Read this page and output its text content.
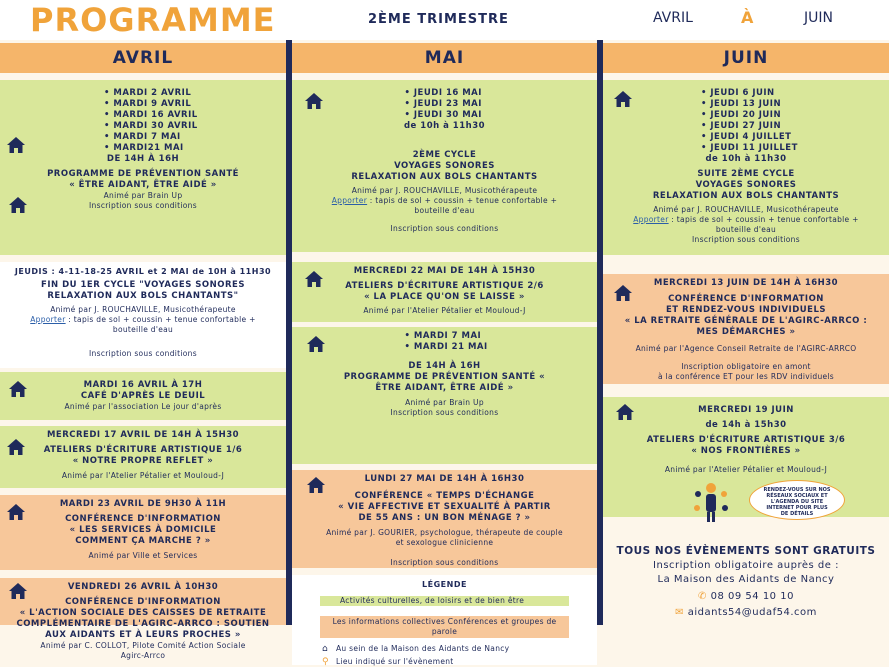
PROGRAMME	2ÈME TRIMESTRE	AVRIL	À	JUIN
AVRIL
• MARDI 2 AVRIL
• MARDI 9 AVRIL
• MARDI 16 AVRIL
• MARDI 30 AVRIL
• MARDI 7 MAI
• MARDI21 MAI
DE 14H À 16H
PROGRAMME DE PRÉVENTION SANTÉ
« ÊTRE AIDANT, ÊTRE AIDÉ »
Animé par Brain Up
Inscription sous conditions
JEUDIS : 4-11-18-25 AVRIL et 2 MAI de 10H à 11H30
FIN DU 1ER CYCLE "VOYAGES SONORES
RELAXATION AUX BOLS CHANTANTS"
Animé par J. ROUCHAVILLE, Musicothérapeute
Apporter : tapis de sol + coussin + tenue confortable +
bouteille d'eau
Inscription sous conditions
MARDI 16 AVRIL À 17H
CAFÉ D'APRÈS LE DEUIL
Animé par l'association Le jour d'après
MERCREDI 17 AVRIL DE 14H À 15H30
ATELIERS D'ÉCRITURE ARTISTIQUE 1/6
« NOTRE PROPRE REFLET »
Animé par l'Atelier Pétalier et Mouloud-J
MARDI 23 AVRIL DE 9H30 À 11H
CONFÉRENCE D'INFORMATION
« LES SERVICES À DOMICILE
COMMENT ÇA MARCHE ? »
Animé par Ville et Services
VENDREDI 26 AVRIL À 10H30
CONFÉRENCE D'INFORMATION
« L'ACTION SOCIALE DES CAISSES DE RETRAITE
COMPLÉMENTAIRE DE L'AGIRC-ARRCO : SOUTIEN
AUX AIDANTS ET À LEURS PROCHES »
Animé par C. COLLOT, Pilote Comité Action Sociale
Agirc-Arrco
MAI
• JEUDI 16 MAI
• JEUDI 23 MAI
• JEUDI 30 MAI
de 10h à 11h30
2ÈME CYCLE
VOYAGES SONORES
RELAXATION AUX BOLS CHANTANTS
Animé par J. ROUCHAVILLE, Musicothérapeute
Apporter : tapis de sol + coussin + tenue confortable +
bouteille d'eau
Inscription sous conditions
MERCREDI 22 MAI DE 14H À 15H30
ATELIERS D'ÉCRITURE ARTISTIQUE 2/6
« LA PLACE QU'ON SE LAISSE »
Animé par l'Atelier Pétalier et Mouloud-J
• MARDI 7 MAI
• MARDI 21 MAI
DE 14H À 16H
PROGRAMME DE PRÉVENTION SANTÉ «
ÊTRE AIDANT, ÊTRE AIDÉ »
Animé par Brain Up
Inscription sous conditions
LUNDI 27 MAI DE 14H À 16H30
CONFÉRENCE « TEMPS D'ÉCHANGE
« VIE AFFECTIVE ET SEXUALITÉ À PARTIR
DE 55 ANS : UN BON MÉNAGE ? »
Animé par J. GOURIER, psychologue, thérapeute de couple
et sexologue clinicienne
Inscription sous conditions
LÉGENDE
Activités culturelles, de loisirs et de bien être
Les informations collectives Conférences et groupes de parole
⌂ Au sein de la Maison des Aidants de Nancy
⚲ Lieu indiqué sur l'évènement
JUIN
• JEUDI 6 JUIN
• JEUDI 13 JUIN
• JEUDI 20 JUIN
• JEUDI 27 JUIN
• JEUDI 4 JUILLET
• JEUDI 11 JUILLET
de 10h à 11h30
SUITE 2ÈME CYCLE
VOYAGES SONORES
RELAXATION AUX BOLS CHANTANTS
Animé par J. ROUCHAVILLE, Musicothérapeute
Apporter : tapis de sol + coussin + tenue confortable +
bouteille d'eau
Inscription sous conditions
MERCREDI 13 JUIN DE 14H À 16H30
CONFÉRENCE D'INFORMATION
ET RENDEZ-VOUS INDIVIDUELS
« LA RETRAITE GÉNÉRALE DE L'AGIRC-ARRCO :
MES DÉMARCHES »
Animé par l'Agence Conseil Retraite de l'AGIRC-ARRCO
Inscription obligatoire en amont
à la conférence ET pour les RDV individuels
MERCREDI 19 JUIN
de 14h à 15h30
ATELIERS D'ÉCRITURE ARTISTIQUE 3/6
« NOS FRONTIÈRES »
Animé par l'Atelier Pétalier et Mouloud-J
RENDEZ-VOUS SUR NOS RÉSEAUX SOCIAUX ET L'AGENDA DU SITE INTERNET POUR PLUS DE DÉTAILS
TOUS NOS ÉVÈNEMENTS SONT GRATUITS
Inscription obligatoire auprès de :
La Maison des Aidants de Nancy
✆ 08 09 54 10 10
✉ aidants54@udaf54.com
